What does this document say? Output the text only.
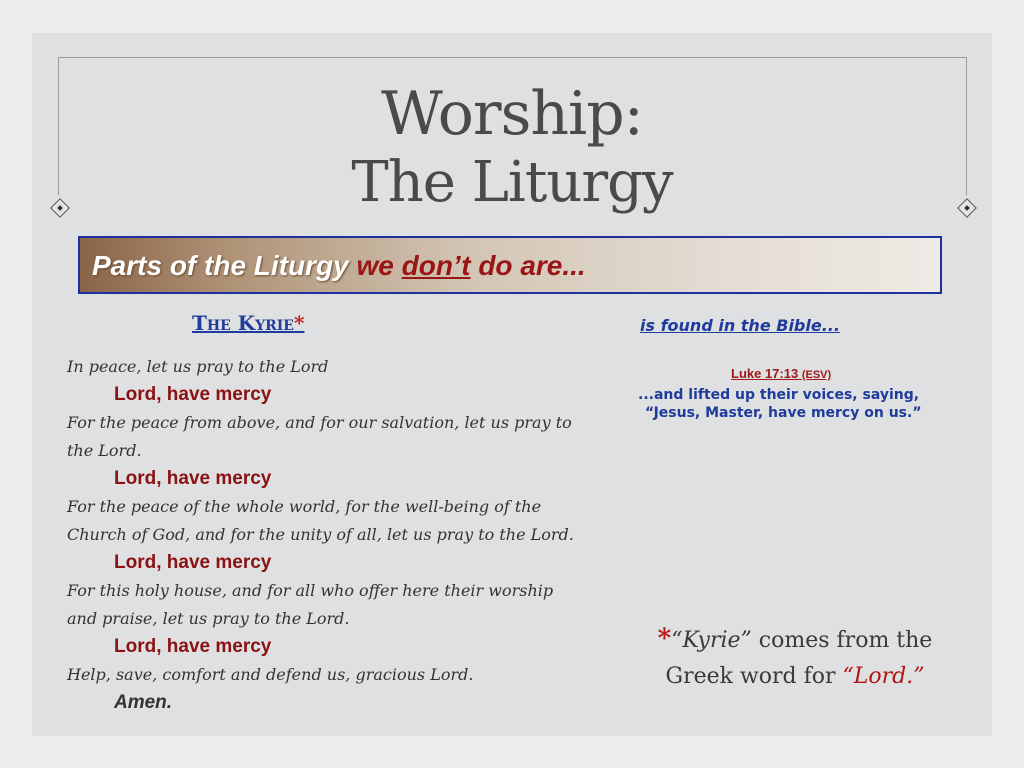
Worship:
The Liturgy
Parts of the Liturgy we don’t do are...
The Kyrie*
In peace, let us pray to the Lord
Lord, have mercy
For the peace from above, and for our salvation, let us pray to
the Lord.
Lord, have mercy
For the peace of the whole world, for the well-being of the
Church of God, and for the unity of all, let us pray to the Lord.
Lord, have mercy
For this holy house, and for all who offer here their worship
and praise, let us pray to the Lord.
Lord, have mercy
Help, save, comfort and defend us, gracious Lord.
Amen.
is found in the Bible...
Luke 17:13 (ESV)
...and lifted up their voices, saying,
“Jesus, Master, have mercy on us.”
*“Kyrie” comes from the
Greek word for “Lord.”
